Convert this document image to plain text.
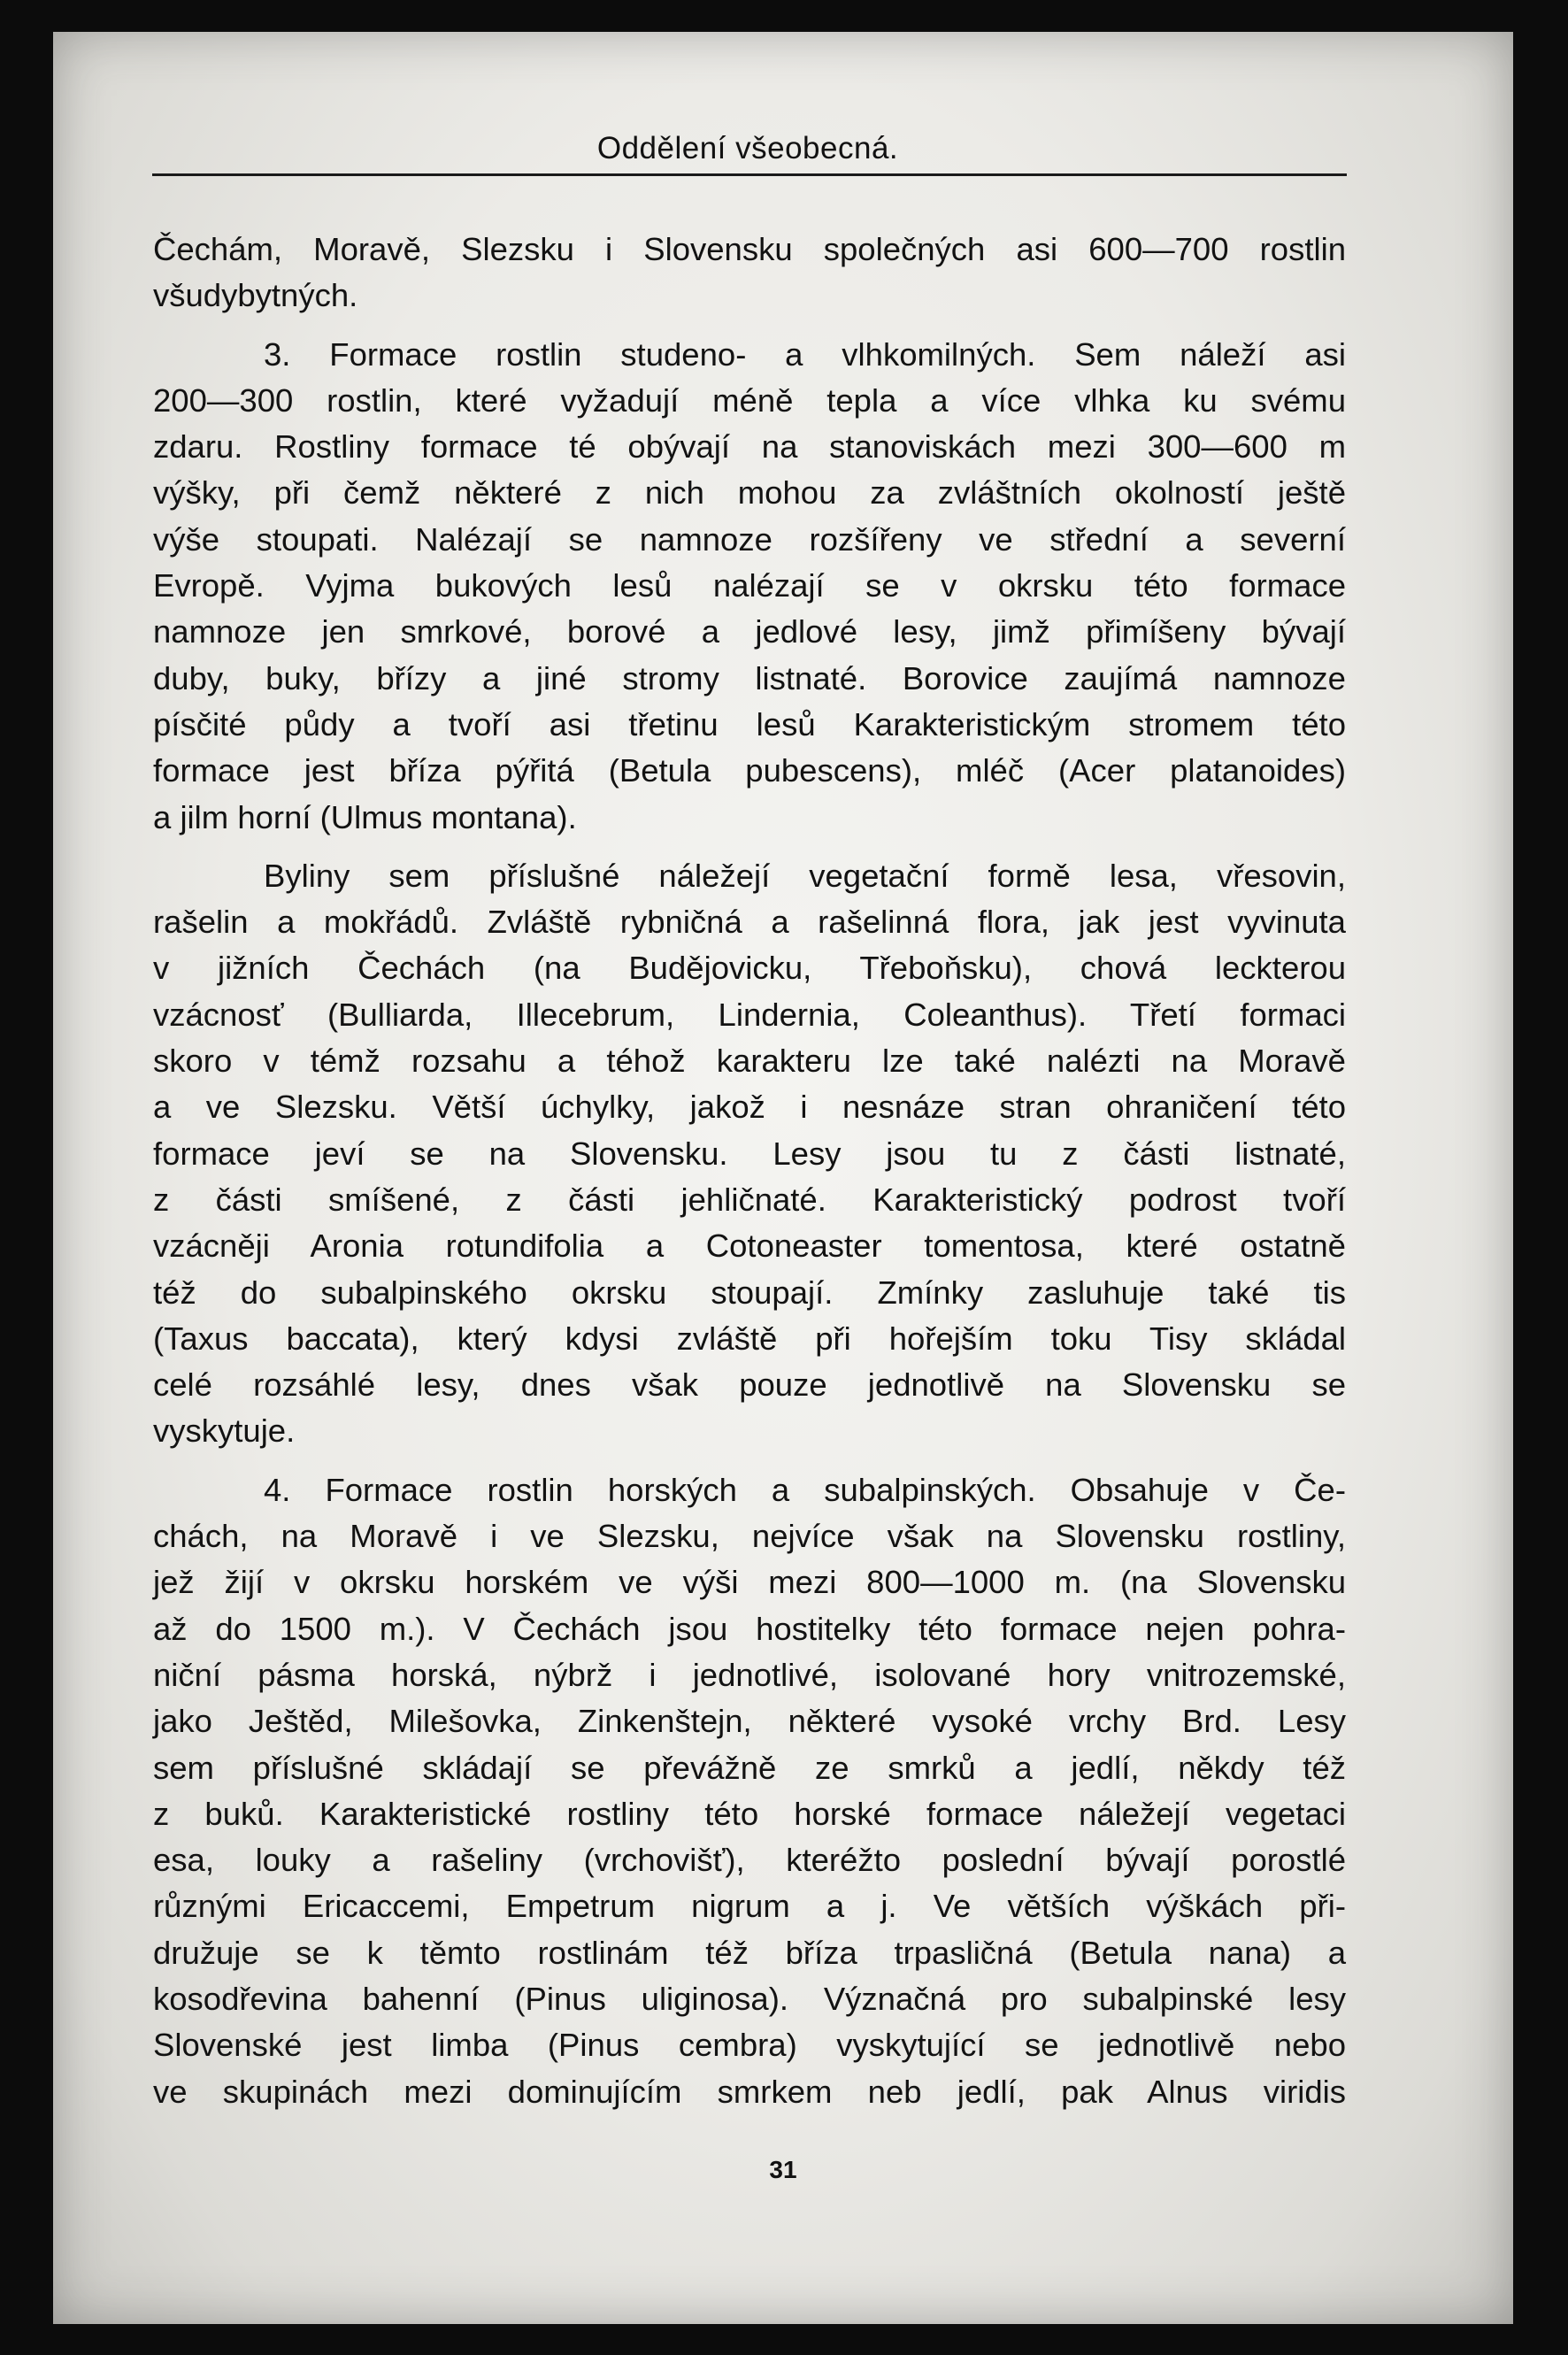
Oddělení všeobecná.
Čechám, Moravě, Slezsku i Slovensku společných asi 600—700 rostlin
všudybytných.
3. Formace rostlin studeno- a vlhkomilných. Sem náleží asi
200—300 rostlin, které vyžadují méně tepla a více vlhka ku svému
zdaru. Rostliny formace té obývají na stanoviskách mezi 300—600 m
výšky, při čemž některé z nich mohou za zvláštních okolností ještě
výše stoupati. Nalézají se namnoze rozšířeny ve střední a severní
Evropě. Vyjma bukových lesů nalézají se v okrsku této formace
namnoze jen smrkové, borové a jedlové lesy, jimž přimíšeny bývají
duby, buky, břízy a jiné stromy listnaté. Borovice zaujímá namnoze
písčité půdy a tvoří asi třetinu lesů Karakteristickým stromem této
formace jest bříza pýřitá (Betula pubescens), mléč (Acer platanoides)
a jilm horní (Ulmus montana).
Byliny sem příslušné náležejí vegetační formě lesa, vřesovin,
rašelin a mokřádů. Zvláště rybničná a rašelinná flora, jak jest vyvinuta
v jižních Čechách (na Budějovicku, Třeboňsku), chová leckterou
vzácnosť (Bulliarda, Illecebrum, Lindernia, Coleanthus). Třetí formaci
skoro v témž rozsahu a téhož karakteru lze také nalézti na Moravě
a ve Slezsku. Větší úchylky, jakož i nesnáze stran ohraničení této
formace jeví se na Slovensku. Lesy jsou tu z části listnaté,
z části smíšené, z části jehličnaté. Karakteristický podrost tvoří
vzácněji Aronia rotundifolia a Cotoneaster tomentosa, které ostatně
též do subalpinského okrsku stoupají. Zmínky zasluhuje také tis
(Taxus baccata), který kdysi zvláště při hořejším toku Tisy skládal
celé rozsáhlé lesy, dnes však pouze jednotlivě na Slovensku se
vyskytuje.
4. Formace rostlin horských a subalpinských. Obsahuje v Če-
chách, na Moravě i ve Slezsku, nejvíce však na Slovensku rostliny,
jež žijí v okrsku horském ve výši mezi 800—1000 m. (na Slovensku
až do 1500 m.). V Čechách jsou hostitelky této formace nejen pohra-
niční pásma horská, nýbrž i jednotlivé, isolované hory vnitrozemské,
jako Ještěd, Milešovka, Zinkenštejn, některé vysoké vrchy Brd. Lesy
sem příslušné skládají se převážně ze smrků a jedlí, někdy též
z buků. Karakteristické rostliny této horské formace náležejí vegetaci
esa, louky a rašeliny (vrchovišť), kteréžto poslední bývají porostlé
různými Ericaccemi, Empetrum nigrum a j. Ve větších výškách při-
družuje se k těmto rostlinám též bříza trpasličná (Betula nana) a
kosodřevina bahenní (Pinus uliginosa). Význačná pro subalpinské lesy
Slovenské jest limba (Pinus cembra) vyskytující se jednotlivě nebo
ve skupinách mezi dominujícím smrkem neb jedlí, pak Alnus viridis
31
